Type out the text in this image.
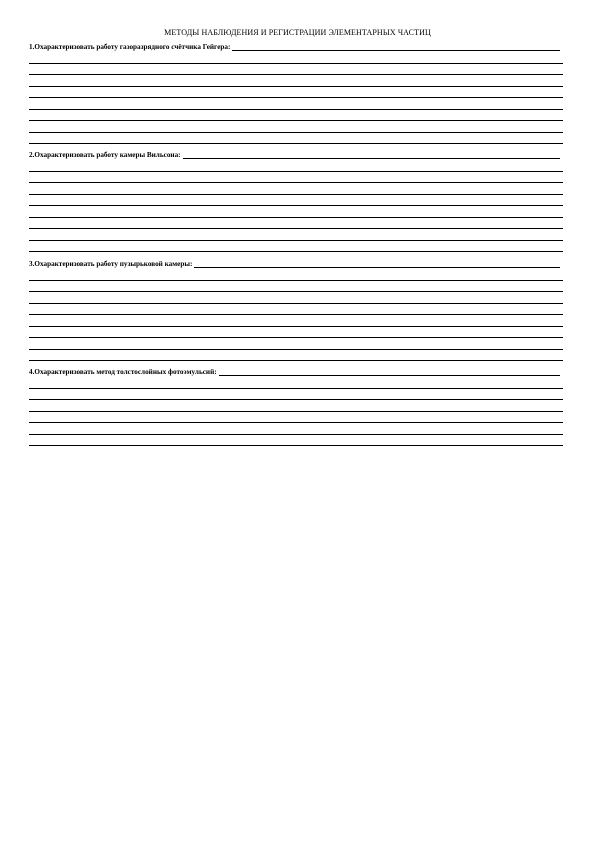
МЕТОДЫ НАБЛЮДЕНИЯ И РЕГИСТРАЦИИ ЭЛЕМЕНТАРНЫХ ЧАСТИЦ
1.Охарактеризовать работу газоразрядного счётчика Гейгера:
2.Охарактеризовать работу камеры Вильсона:
3.Охарактеризовать работу пузырьковой камеры:
4.Охарактеризовать метод толстослойных фотоэмульсий:
